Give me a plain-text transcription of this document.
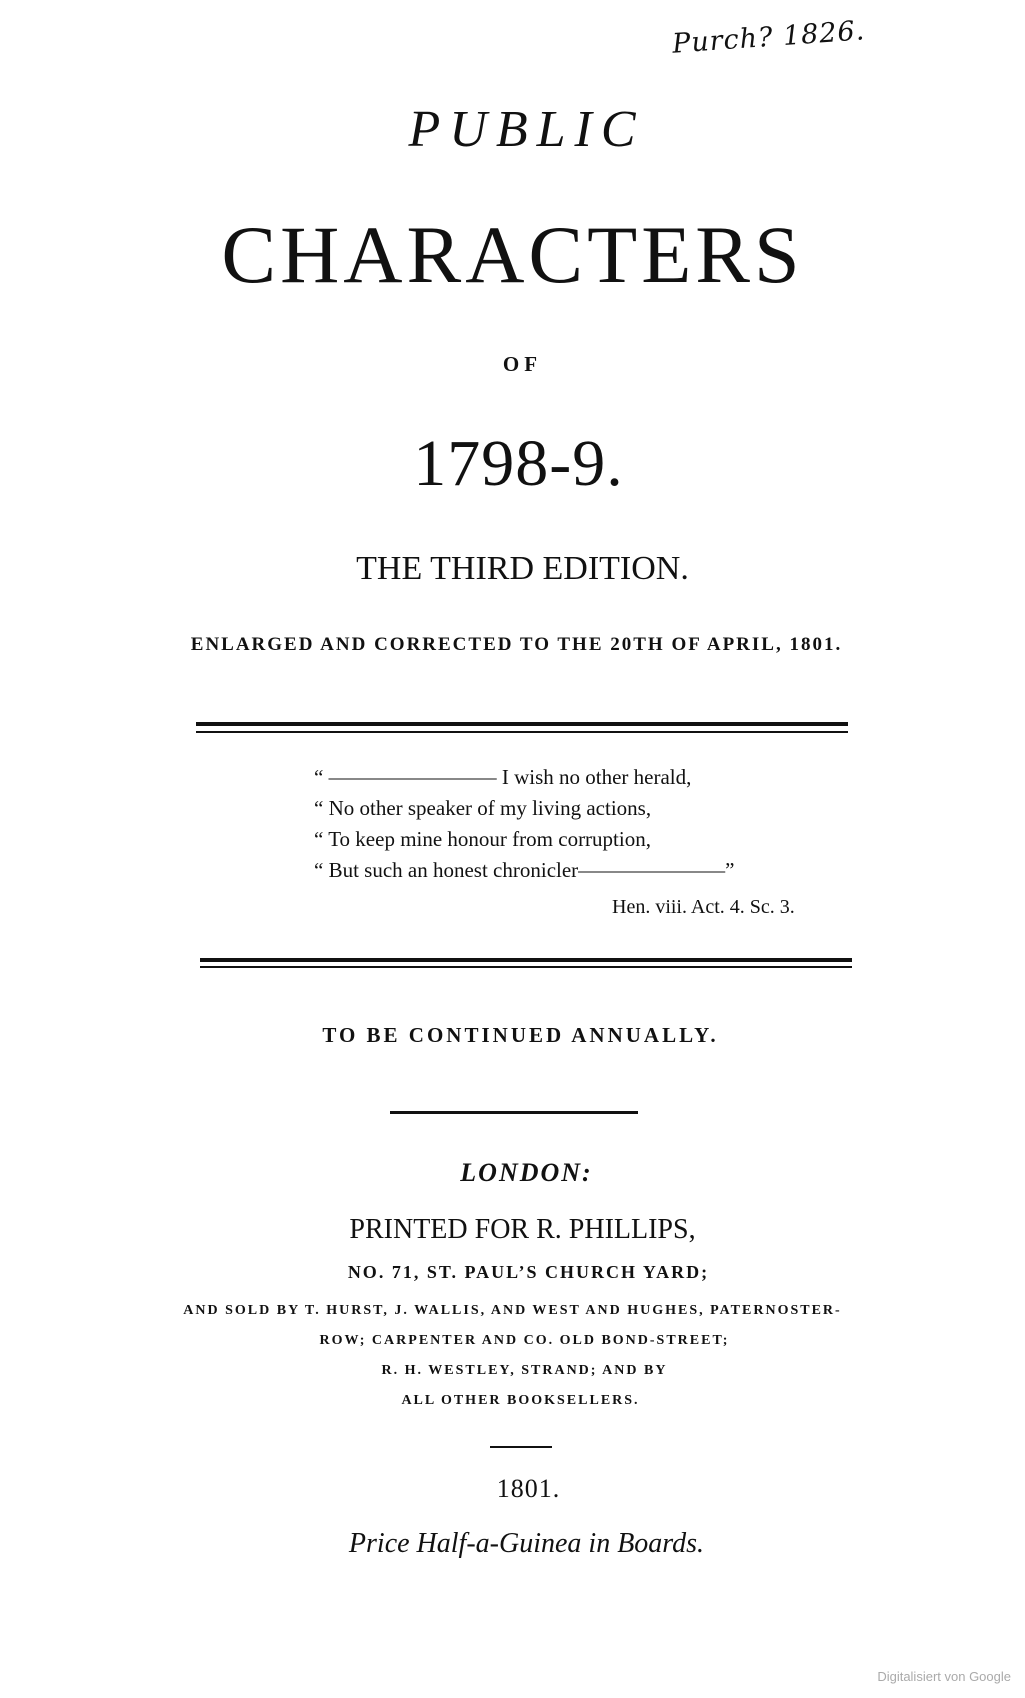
Purch? 1826.
PUBLIC
CHARACTERS
OF
1798-9.
THE THIRD EDITION.
ENLARGED AND CORRECTED TO THE 20TH OF APRIL, 1801.
“ ———————— I wish no other herald,
“ No other speaker of my living actions,
“ To keep mine honour from corruption,
“ But such an honest chronicler———————”
Hen. viii. Act. 4. Sc. 3.
TO BE CONTINUED ANNUALLY.
LONDON:
PRINTED FOR R. PHILLIPS,
NO. 71, ST. PAUL’S CHURCH YARD;
AND SOLD BY T. HURST, J. WALLIS, AND WEST AND HUGHES, PATERNOSTER-
ROW; CARPENTER AND CO. OLD BOND-STREET;
R. H. WESTLEY, STRAND; AND BY
ALL OTHER BOOKSELLERS.
1801.
Price Half-a-Guinea in Boards.
Digitalisiert von Google
